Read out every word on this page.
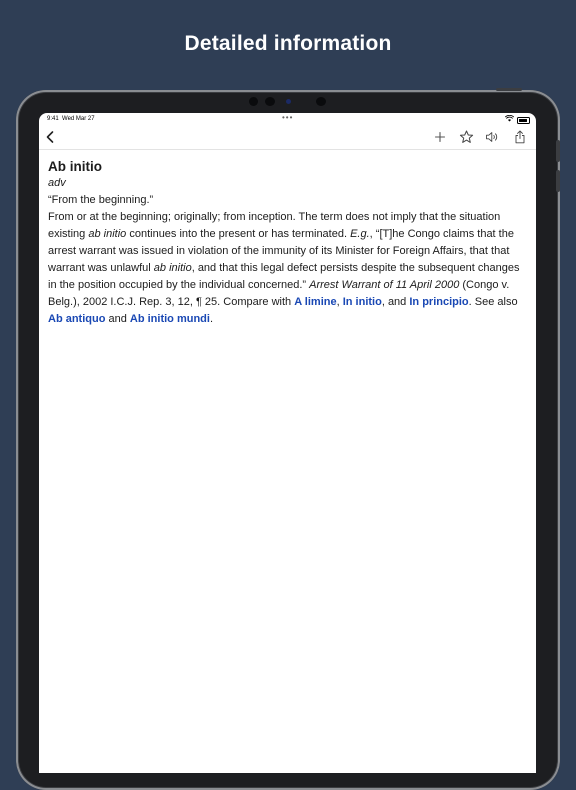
Detailed information
9:41 Wed Mar 27	•••
Ab initio
adv
“From the beginning.”
From or at the beginning; originally; from inception. The term does not imply that the situation existing ab initio continues into the present or has terminated. E.g., “[T]he Congo claims that the arrest warrant was issued in violation of the immunity of its Minister for Foreign Affairs, that that warrant was unlawful ab initio, and that this legal defect persists despite the subsequent changes in the position occupied by the individual concerned.” Arrest Warrant of 11 April 2000 (Congo v. Belg.), 2002 I.C.J. Rep. 3, 12, ¶ 25. Compare with A limine, In initio, and In principio. See also Ab antiquo and Ab initio mundi.
